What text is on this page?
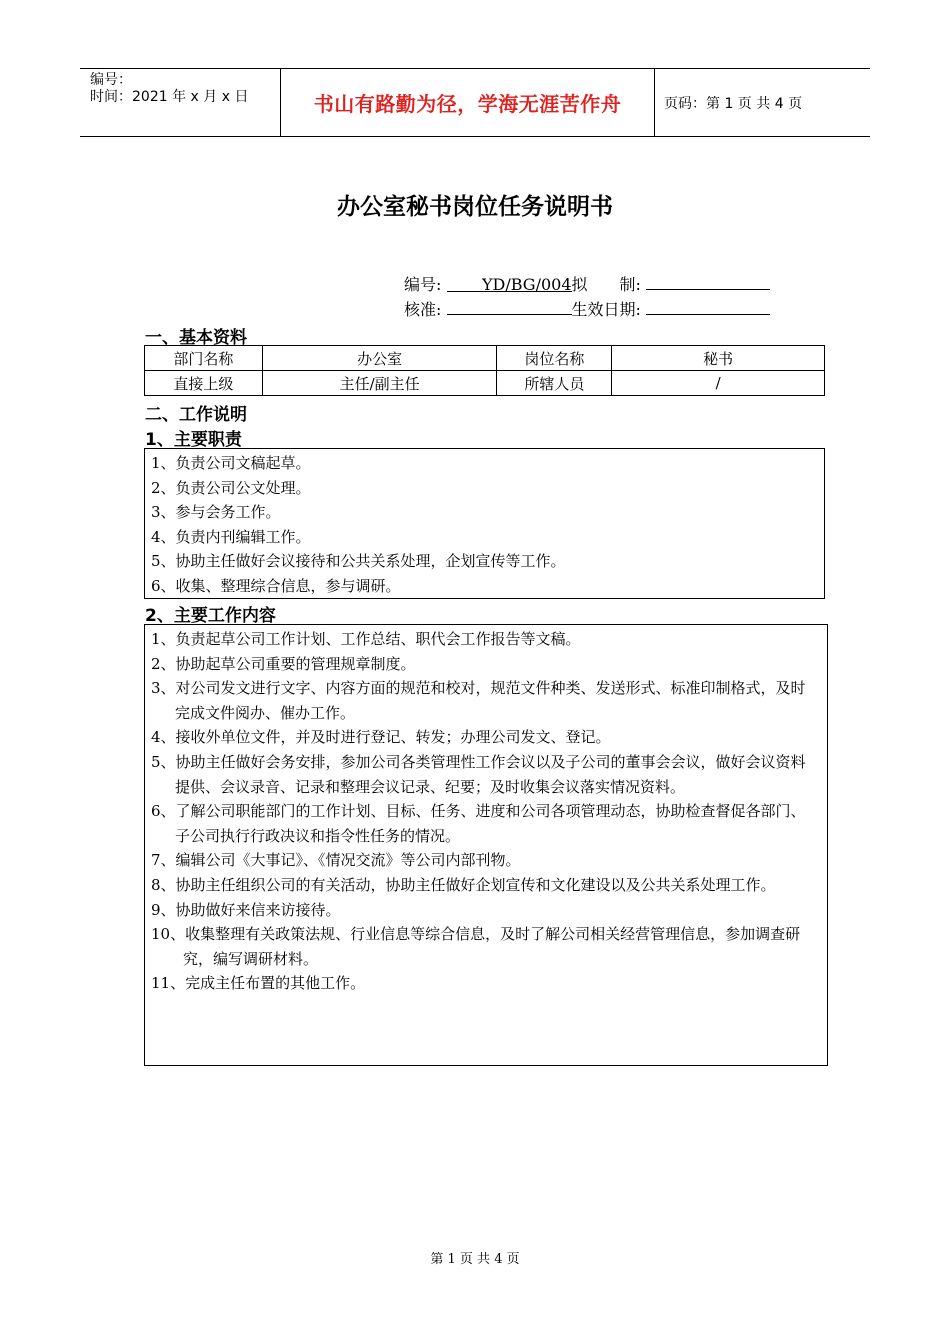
编号：
时间：2021 年 x 月 x 日	书山有路勤为径，学海无涯苦作舟	页码：第 1 页 共 4 页
办公室秘书岗位任务说明书
编号:	YD/BG/004拟　　制:
核准:	生效日期:
一、基本资料
部门名称	办公室	岗位名称	秘书
直接上级	主任/副主任	所辖人员	/
二、工作说明
1、主要职责

1、负责公司文稿起草。

2、负责公司公文处理。

3、参与会务工作。

4、负责内刊编辑工作。

5、协助主任做好会议接待和公共关系处理，企划宣传等工作。

6、收集、整理综合信息，参与调研。

2、主要工作内容

1、负责起草公司工作计划、工作总结、职代会工作报告等文稿。

2、协助起草公司重要的管理规章制度。

3、对公司发文进行文字、内容方面的规范和校对，规范文件种类、发送形式、标准印制格式，及时完成文件阅办、催办工作。

4、接收外单位文件，并及时进行登记、转发；办理公司发文、登记。

5、协助主任做好会务安排，参加公司各类管理性工作会议以及子公司的董事会会议，做好会议资料提供、会议录音、记录和整理会议记录、纪要；及时收集会议落实情况资料。

6、了解公司职能部门的工作计划、目标、任务、进度和公司各项管理动态，协助检查督促各部门、子公司执行行政决议和指令性任务的情况。

7、编辑公司《大事记》、《情况交流》等公司内部刊物。

8、协助主任组织公司的有关活动，协助主任做好企划宣传和文化建设以及公共关系处理工作。

9、协助做好来信来访接待。

10、收集整理有关政策法规、行业信息等综合信息，及时了解公司相关经营管理信息，参加调查研究，编写调研材料。

11、完成主任布置的其他工作。

第 1 页 共 4 页
